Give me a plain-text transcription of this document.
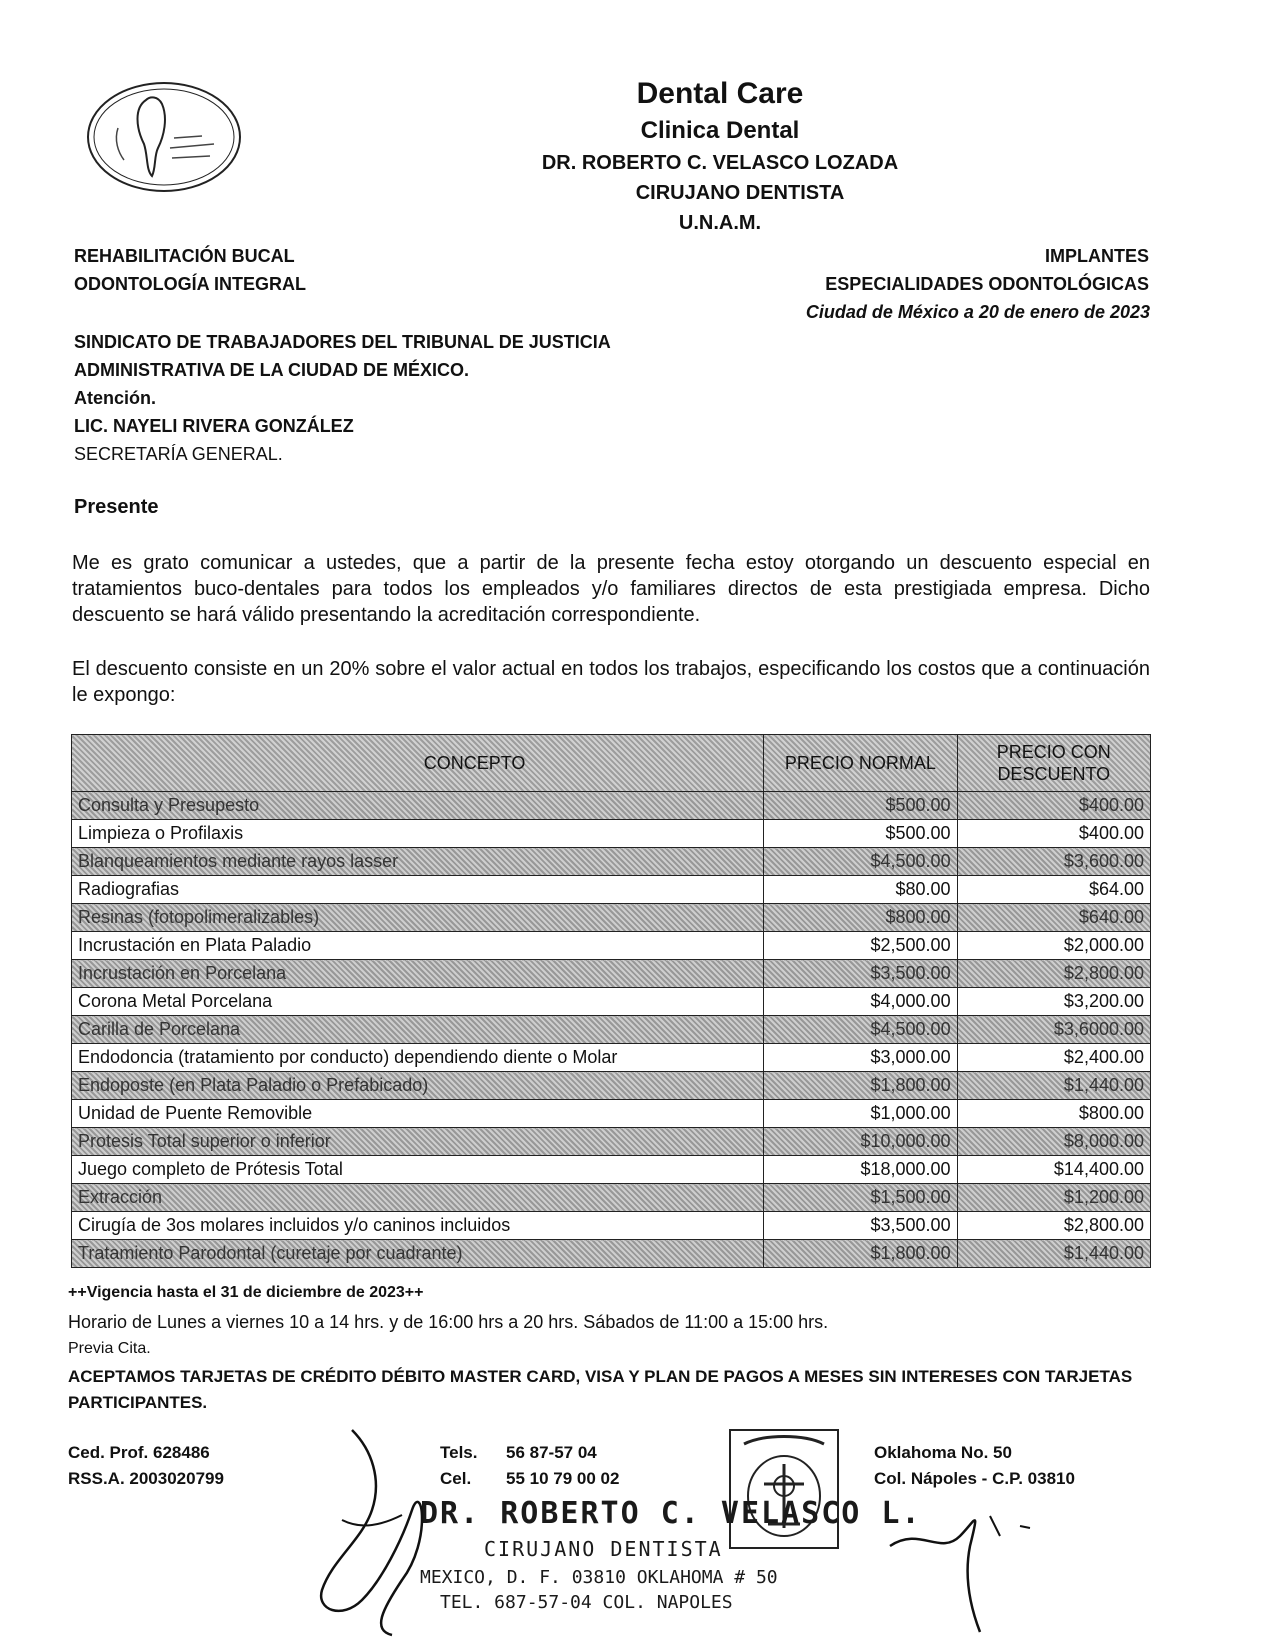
Dental Care
Clinica Dental
DR. ROBERTO C. VELASCO LOZADA
CIRUJANO DENTISTA
U.N.A.M.
REHABILITACIÓN BUCAL
ODONTOLOGÍA INTEGRAL
IMPLANTES
ESPECIALIDADES ODONTOLÓGICAS
Ciudad de México a 20 de enero de 2023
SINDICATO DE TRABAJADORES DEL TRIBUNAL DE JUSTICIA
ADMINISTRATIVA DE LA CIUDAD DE MÉXICO.
Atención.
LIC. NAYELI RIVERA GONZÁLEZ
SECRETARÍA GENERAL.
Presente
Me es grato comunicar a ustedes, que a partir de la presente fecha estoy otorgando un descuento especial en tratamientos buco-dentales para todos los empleados y/o familiares directos de esta prestigiada empresa. Dicho descuento se hará válido presentando la acreditación correspondiente.
El descuento consiste en un 20% sobre el valor actual en todos los trabajos, especificando los costos que a continuación le expongo:
CONCEPTO	PRECIO NORMAL	PRECIO CON
DESCUENTO

Consulta y Presupesto	$500.00	$400.00
Limpieza o Profilaxis	$500.00	$400.00
Blanqueamientos mediante rayos lasser	$4,500.00	$3,600.00
Radiografias	$80.00	$64.00
Resinas (fotopolimeralizables)	$800.00	$640.00
Incrustación en Plata Paladio	$2,500.00	$2,000.00
Incrustación en Porcelana	$3,500.00	$2,800.00
Corona Metal Porcelana	$4,000.00	$3,200.00
Carilla de Porcelana	$4,500.00	$3,6000.00
Endodoncia (tratamiento por conducto) dependiendo diente o Molar	$3,000.00	$2,400.00
Endoposte (en Plata Paladio o Prefabicado)	$1,800.00	$1,440.00
Unidad de Puente Removible	$1,000.00	$800.00
Protesis Total superior o inferior	$10,000.00	$8,000.00
Juego completo de Prótesis Total	$18,000.00	$14,400.00
Extracción	$1,500.00	$1,200.00
Cirugía de 3os molares incluidos y/o caninos incluidos	$3,500.00	$2,800.00
Tratamiento Parodontal (curetaje por cuadrante)	$1,800.00	$1,440.00
++Vigencia hasta el 31 de diciembre de 2023++
Horario de Lunes a viernes 10 a 14 hrs. y de 16:00 hrs a 20 hrs. Sábados de 11:00 a 15:00 hrs.
Previa Cita.
ACEPTAMOS TARJETAS DE CRÉDITO DÉBITO MASTER CARD, VISA Y PLAN DE PAGOS A MESES SIN INTERESES CON TARJETAS PARTICIPANTES.
Ced. Prof. 628486
RSS.A. 2003020799
Tels. 56 87-57 04
Cel. 55 10 79 00 02
Oklahoma No. 50
Col. Nápoles - C.P. 03810
DR. ROBERTO C. VELASCO L.
CIRUJANO DENTISTA
MEXICO, D. F. 03810 OKLAHOMA # 50
TEL. 687-57-04 COL. NAPOLES
